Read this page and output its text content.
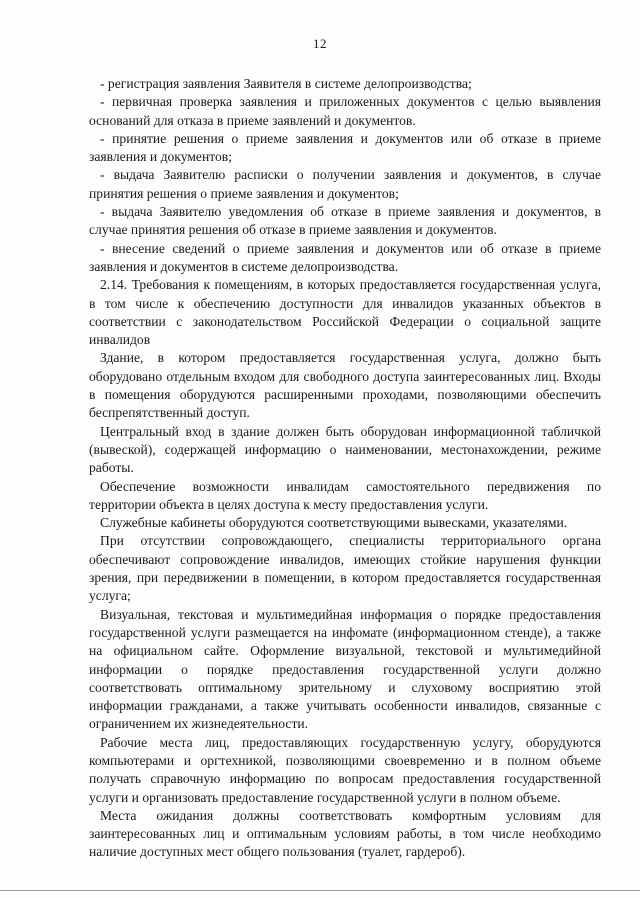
12

- регистрация заявления Заявителя в системе делопроизводства;

- первичная проверка заявления и приложенных документов с целью выявления оснований для отказа в приеме заявлений и документов.

- принятие решения о приеме заявления и документов или об отказе в приеме заявления и документов;

- выдача Заявителю расписки о получении заявления и документов, в случае принятия решения о приеме заявления и документов;

- выдача Заявителю уведомления об отказе в приеме заявления и документов, в случае принятия решения об отказе в приеме заявления и документов.

- внесение сведений о приеме заявления и документов или об отказе в приеме заявления и документов в системе делопроизводства.

2.14. Требования к помещениям, в которых предоставляется государственная услуга, в том числе к обеспечению доступности для инвалидов указанных объектов в соответствии с законодательством Российской Федерации о социальной защите инвалидов

Здание, в котором предоставляется государственная услуга, должно быть оборудовано отдельным входом для свободного доступа заинтересованных лиц. Входы в помещения оборудуются расширенными проходами, позволяющими обеспечить беспрепятственный доступ.

Центральный вход в здание должен быть оборудован информационной табличкой (вывеской), содержащей информацию о наименовании, местонахождении, режиме работы.

Обеспечение возможности инвалидам самостоятельного передвижения по территории объекта в целях доступа к месту предоставления услуги.

Служебные кабинеты оборудуются соответствующими вывесками, указателями.

При отсутствии сопровождающего, специалисты территориального органа обеспечивают сопровождение инвалидов, имеющих стойкие нарушения функции зрения, при передвижении в помещении, в котором предоставляется государственная услуга;

Визуальная, текстовая и мультимедийная информация о порядке предоставления государственной услуги размещается на инфомате (информационном стенде), а также на официальном сайте. Оформление визуальной, текстовой и мультимедийной информации о порядке предоставления государственной услуги должно соответствовать оптимальному зрительному и слуховому восприятию этой информации гражданами, а также учитывать особенности инвалидов, связанные с ограничением их жизнедеятельности.

Рабочие места лиц, предоставляющих государственную услугу, оборудуются компьютерами и оргтехникой, позволяющими своевременно и в полном объеме получать справочную информацию по вопросам предоставления государственной услуги и организовать предоставление государственной услуги в полном объеме.

Места ожидания должны соответствовать комфортным условиям для заинтересованных лиц и оптимальным условиям работы, в том числе необходимо наличие доступных мест общего пользования (туалет, гардероб).
